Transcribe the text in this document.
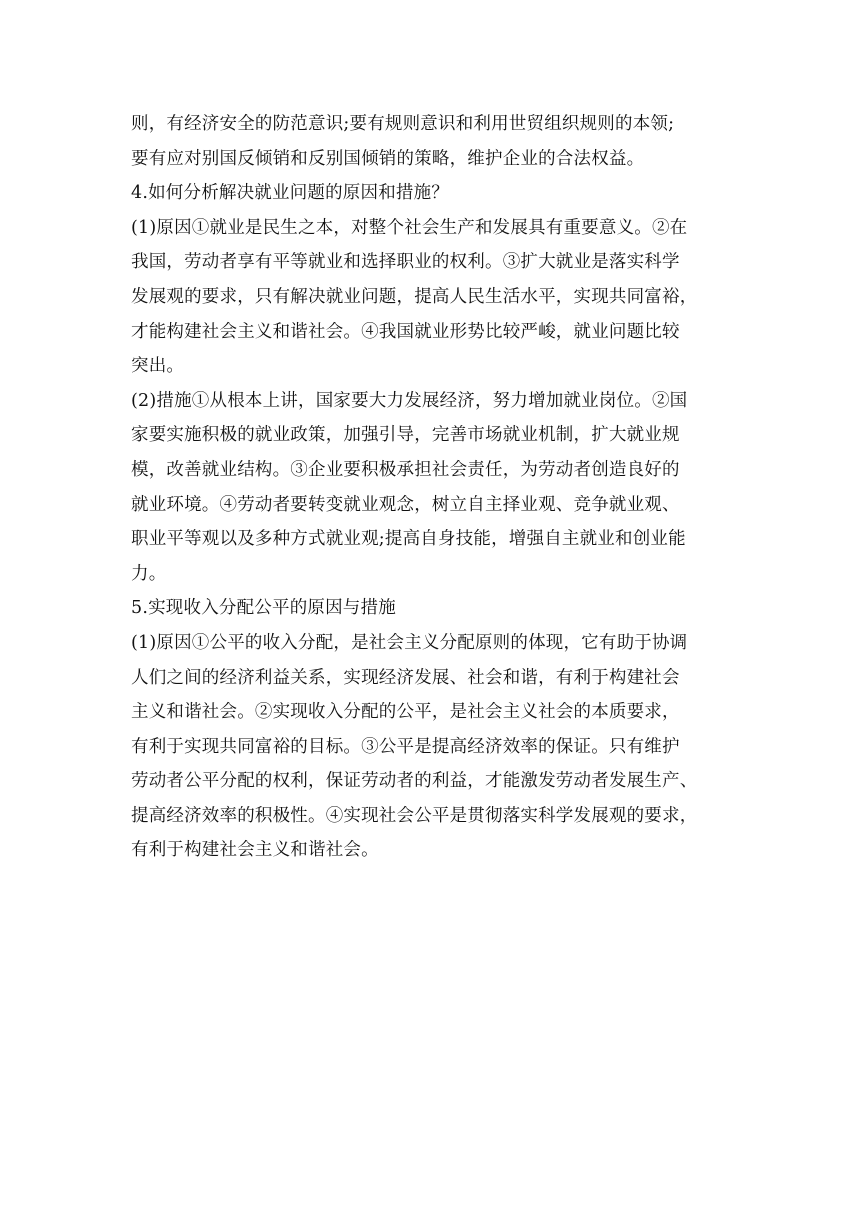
则，有经济安全的防范意识;要有规则意识和利用世贸组织规则的本领;
要有应对别国反倾销和反别国倾销的策略，维护企业的合法权益。
4.如何分析解决就业问题的原因和措施？
(1)原因①就业是民生之本，对整个社会生产和发展具有重要意义。②在
我国，劳动者享有平等就业和选择职业的权利。③扩大就业是落实科学
发展观的要求，只有解决就业问题，提高人民生活水平，实现共同富裕，
才能构建社会主义和谐社会。④我国就业形势比较严峻，就业问题比较
突出。
(2)措施①从根本上讲，国家要大力发展经济，努力增加就业岗位。②国
家要实施积极的就业政策，加强引导，完善市场就业机制，扩大就业规
模，改善就业结构。③企业要积极承担社会责任，为劳动者创造良好的
就业环境。④劳动者要转变就业观念，树立自主择业观、竞争就业观、
职业平等观以及多种方式就业观;提高自身技能，增强自主就业和创业能
力。
5.实现收入分配公平的原因与措施
(1)原因①公平的收入分配，是社会主义分配原则的体现，它有助于协调
人们之间的经济利益关系，实现经济发展、社会和谐，有利于构建社会
主义和谐社会。②实现收入分配的公平，是社会主义社会的本质要求，
有利于实现共同富裕的目标。③公平是提高经济效率的保证。只有维护
劳动者公平分配的权利，保证劳动者的利益，才能激发劳动者发展生产、
提高经济效率的积极性。④实现社会公平是贯彻落实科学发展观的要求，
有利于构建社会主义和谐社会。
